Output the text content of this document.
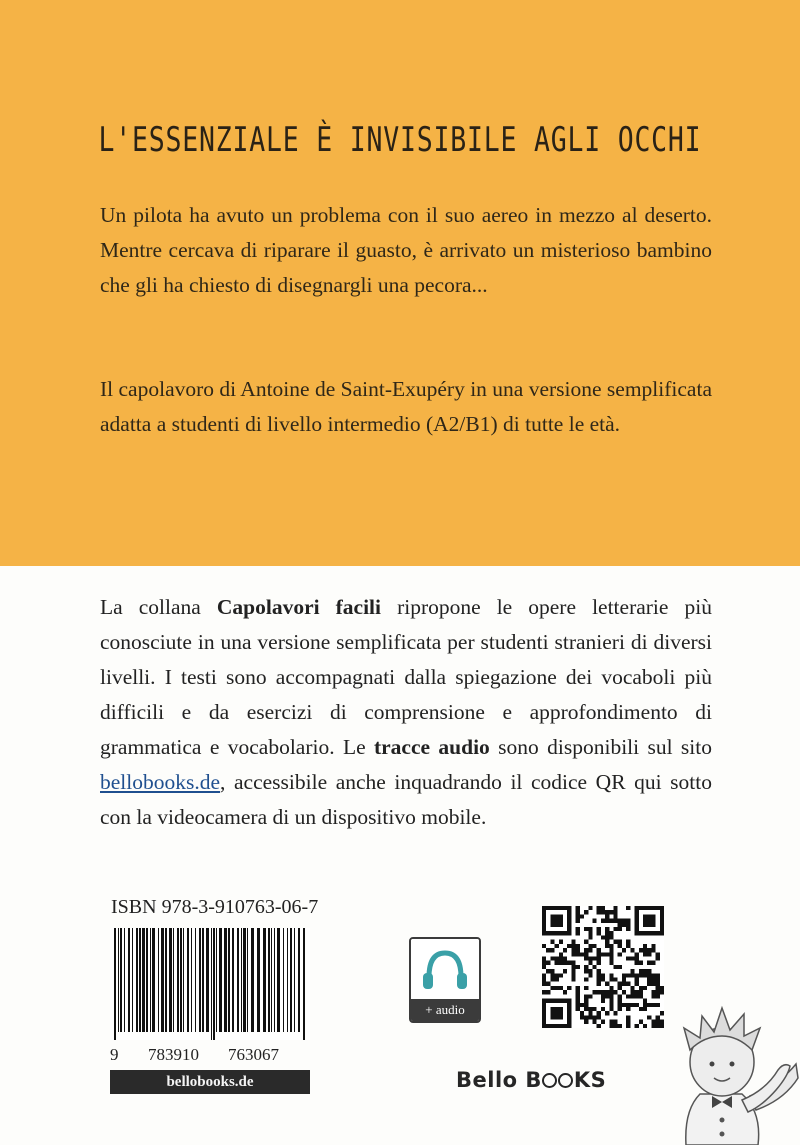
L'ESSENZIALE È INVISIBILE AGLI OCCHI

Un pilota ha avuto un problema con il suo aereo in mezzo al deserto. Mentre cercava di riparare il guasto, è arrivato un misterioso bambino che gli ha chiesto di disegnargli una pecora...

Il capolavoro di Antoine de Saint-Exupéry in una versione semplificata adatta a studenti di livello intermedio (A2/B1) di tutte le età.

La collana Capolavori facili ripropone le opere letterarie più conosciute in una versione semplificata per studenti stranieri di diversi livelli. I testi sono accompagnati dalla spiegazione dei vocaboli più difficili e da esercizi di comprensione e approfondimento di grammatica e vocabolario. Le tracce audio sono disponibili sul sito bellobooks.de, accessibile anche inquadrando il codice QR qui sotto con la videocamera di un dispositivo mobile.

ISBN 978-3-910763-06-7
9 783910 763067
bellobooks.de
+ audio
Bello B KS
